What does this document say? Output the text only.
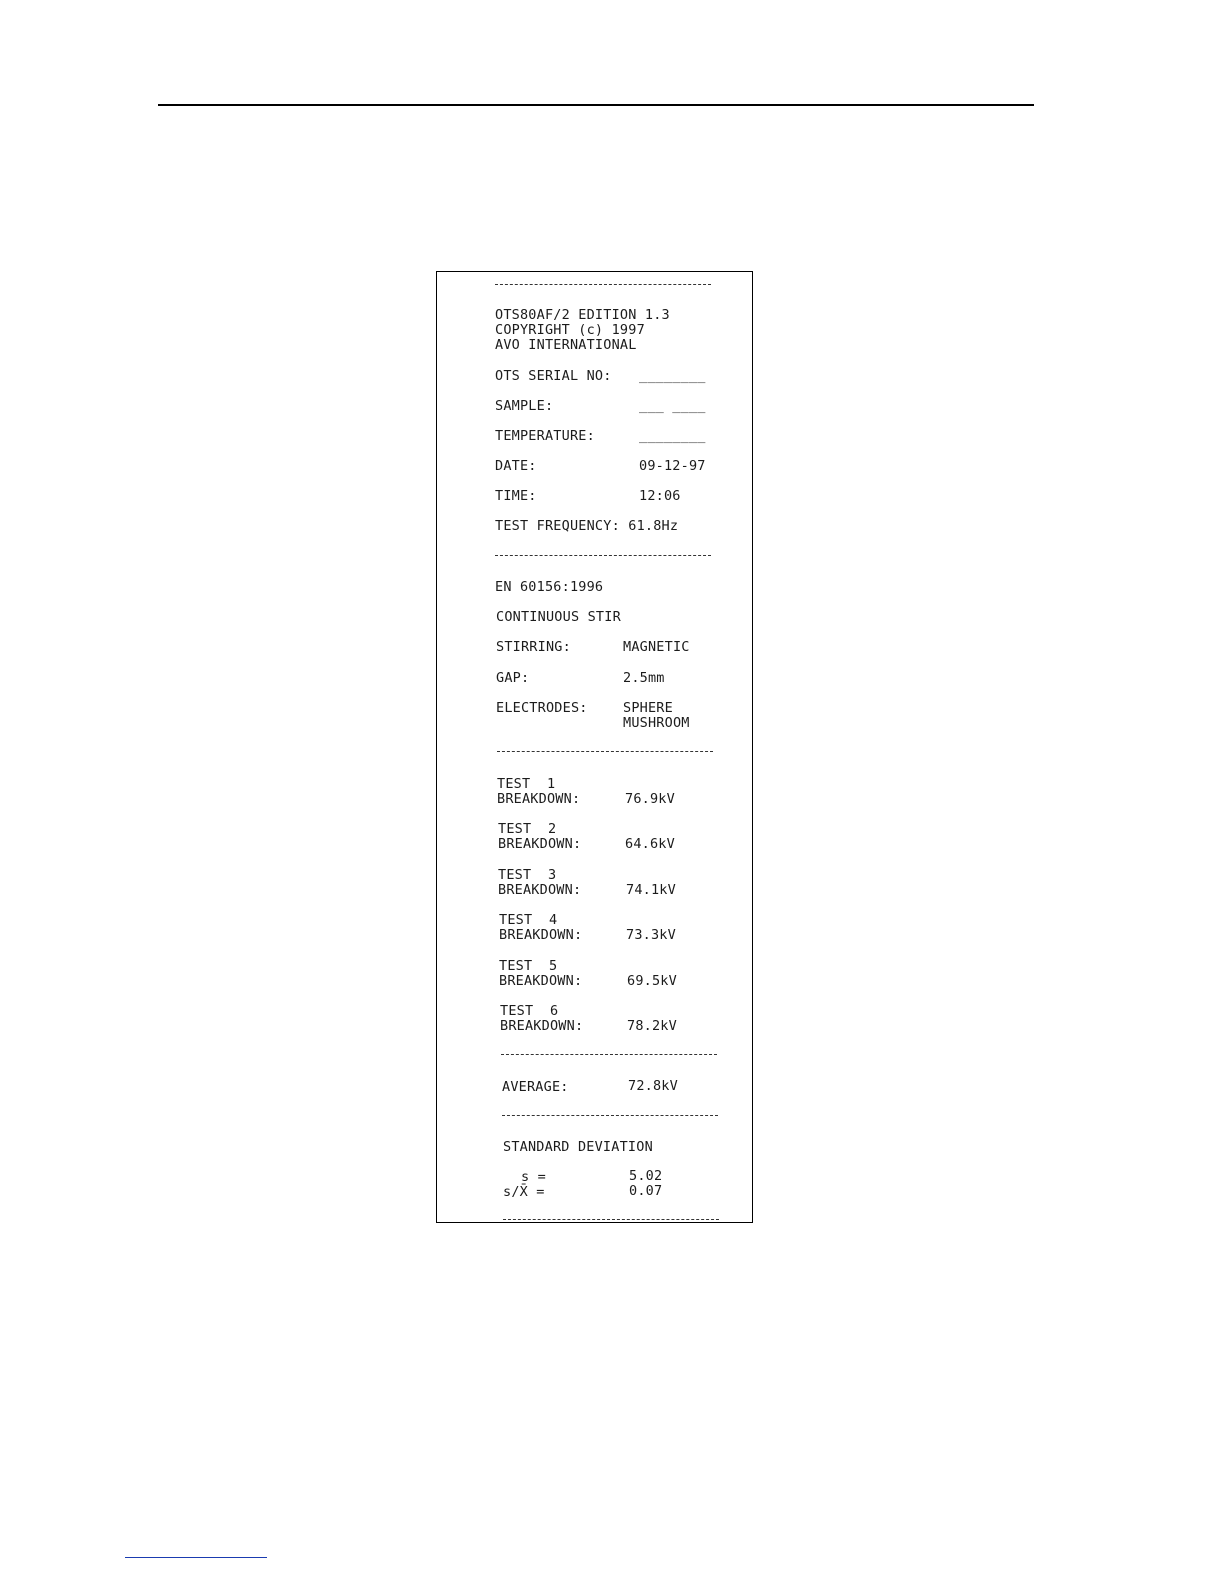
OTS80AF/2 EDITION 1.3
COPYRIGHT (c) 1997
AVO INTERNATIONAL
OTS SERIAL NO: ________
SAMPLE:	___ ____
TEMPERATURE:	________
DATE:	09-12-97
TIME:	12:06
TEST FREQUENCY: 61.8Hz
EN 60156:1996
CONTINUOUS STIR
STIRRING:	MAGNETIC
GAP:	2.5mm
ELECTRODES:	SPHERE
MUSHROOM
TEST  1
BREAKDOWN:	76.9kV
TEST  2
BREAKDOWN:	64.6kV
TEST  3
BREAKDOWN:	74.1kV
TEST  4
BREAKDOWN:	73.3kV
TEST  5
BREAKDOWN:	69.5kV
TEST  6
BREAKDOWN:	78.2kV
AVERAGE:	72.8kV
STANDARD DEVIATION
s =	5.02
s/X̄ =	0.07
